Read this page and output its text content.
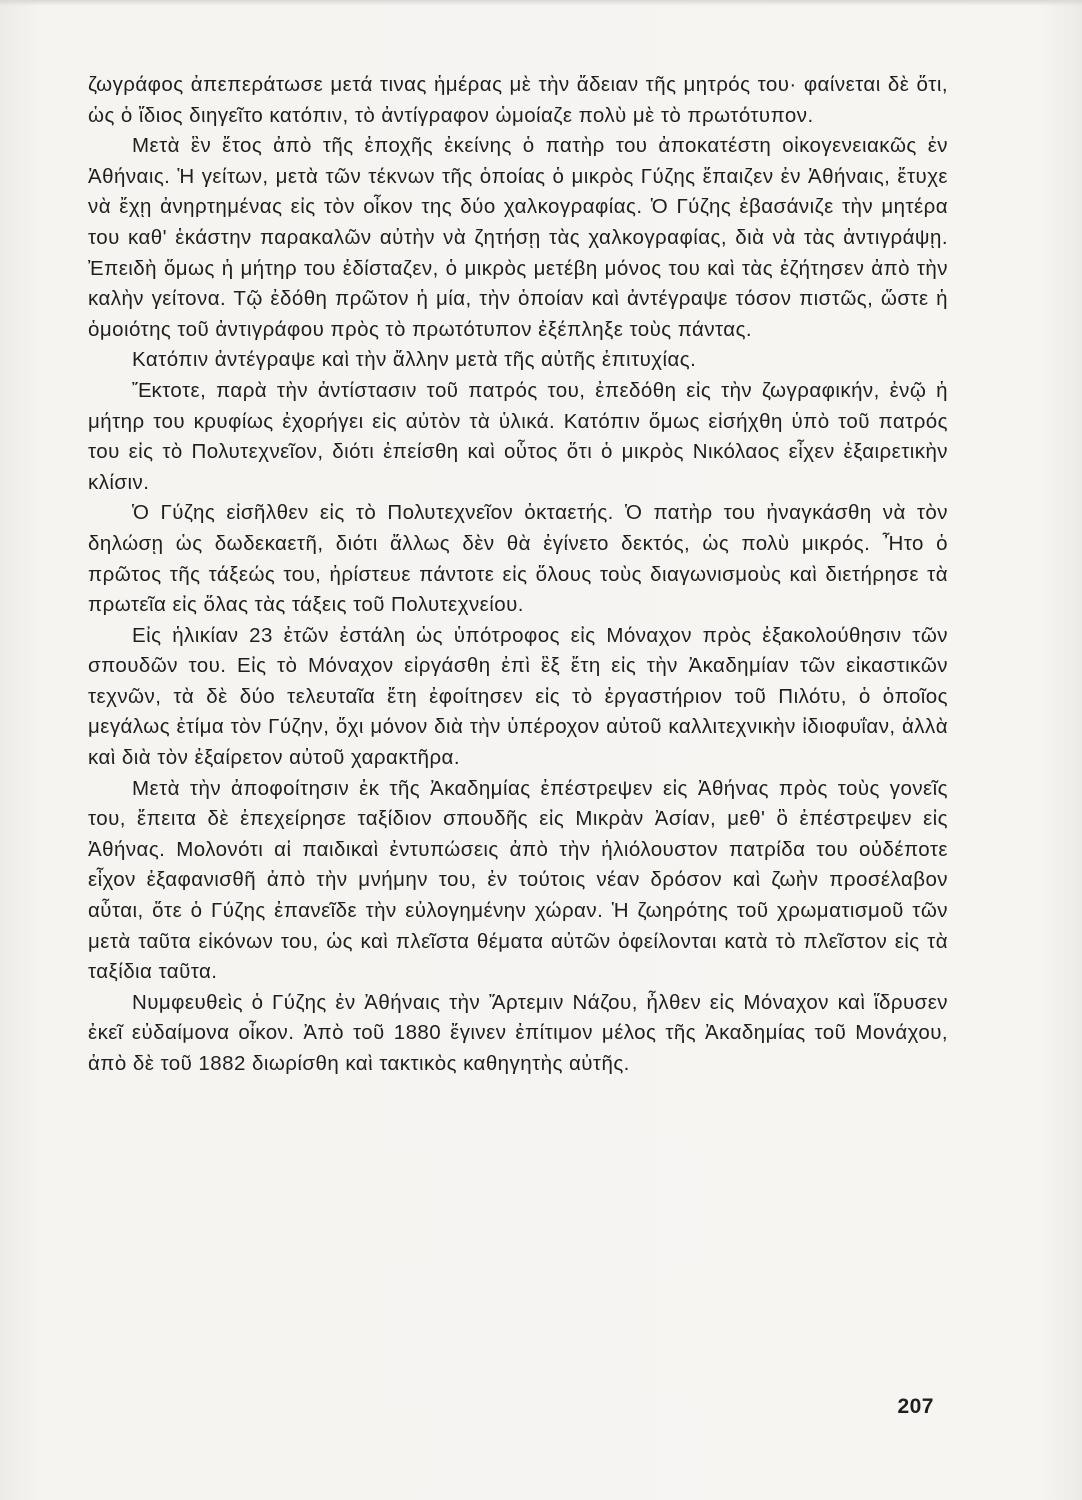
ζωγράφος ἀπεπεράτωσε μετά τινας ἡμέρας μὲ τὴν ἄδειαν τῆς μητρός του· φαίνεται δὲ ὅτι, ὡς ὁ ἴδιος διηγεῖτο κατόπιν, τὸ ἀντίγραφον ὡμοίαζε πολὺ μὲ τὸ πρωτότυπον.

Μετὰ ἓν ἔτος ἀπὸ τῆς ἐποχῆς ἐκείνης ὁ πατὴρ του ἀποκατέστη οἰκογενειακῶς ἐν Ἀθήναις. Ἡ γείτων, μετὰ τῶν τέκνων τῆς ὁποίας ὁ μικρὸς Γύζης ἔπαιζεν ἐν Ἀθήναις, ἔτυχε νὰ ἔχῃ ἀνηρτημένας εἰς τὸν οἶκον της δύο χαλκογραφίας. Ὁ Γύζης ἐβασάνιζε τὴν μητέρα του καθ' ἑκάστην παρακαλῶν αὐτὴν νὰ ζητήσῃ τὰς χαλκογραφίας, διὰ νὰ τὰς ἀντιγράψῃ. Ἐπειδὴ ὅμως ἡ μήτηρ του ἐδίσταζεν, ὁ μικρὸς μετέβη μόνος του καὶ τὰς ἐζήτησεν ἀπὸ τὴν καλὴν γείτονα. Τῷ ἐδόθη πρῶτον ἡ μία, τὴν ὁποίαν καὶ ἀντέγραψε τόσον πιστῶς, ὥστε ἡ ὁμοιότης τοῦ ἀντιγράφου πρὸς τὸ πρωτότυπον ἐξέπληξε τοὺς πάντας.

Κατόπιν ἀντέγραψε καὶ τὴν ἄλλην μετὰ τῆς αὐτῆς ἐπιτυχίας.

Ἔκτοτε, παρὰ τὴν ἀντίστασιν τοῦ πατρός του, ἐπεδόθη εἰς τὴν ζωγραφικήν, ἐνῷ ἡ μήτηρ του κρυφίως ἐχορήγει εἰς αὐτὸν τὰ ὑλικά. Κατόπιν ὅμως εἰσήχθη ὑπὸ τοῦ πατρός του εἰς τὸ Πολυτεχνεῖον, διότι ἐπείσθη καὶ οὗτος ὅτι ὁ μικρὸς Νικόλαος εἶχεν ἐξαιρετικὴν κλίσιν.

Ὁ Γύζης εἰσῆλθεν εἰς τὸ Πολυτεχνεῖον ὀκταετής. Ὁ πατὴρ του ἠναγκάσθη νὰ τὸν δηλώσῃ ὡς δωδεκαετῆ, διότι ἄλλως δὲν θὰ ἐγίνετο δεκτός, ὡς πολὺ μικρός. Ἦτο ὁ πρῶτος τῆς τάξεώς του, ἠρίστευε πάντοτε εἰς ὅλους τοὺς διαγωνισμοὺς καὶ διετήρησε τὰ πρωτεῖα εἰς ὅλας τὰς τάξεις τοῦ Πολυτεχνείου.

Εἰς ἡλικίαν 23 ἐτῶν ἐστάλη ὡς ὑπότροφος εἰς Μόναχον πρὸς ἐξακολούθησιν τῶν σπουδῶν του. Εἰς τὸ Μόναχον εἰργάσθη ἐπὶ ἓξ ἔτη εἰς τὴν Ἀκαδημίαν τῶν εἰκαστικῶν τεχνῶν, τὰ δὲ δύο τελευταῖα ἔτη ἐφοίτησεν εἰς τὸ ἐργαστήριον τοῦ Πιλότυ, ὁ ὁποῖος μεγάλως ἐτίμα τὸν Γύζην, ὄχι μόνον διὰ τὴν ὑπέροχον αὐτοῦ καλλιτεχνικὴν ἰδιοφυΐαν, ἀλλὰ καὶ διὰ τὸν ἐξαίρετον αὐτοῦ χαρακτῆρα.

Μετὰ τὴν ἀποφοίτησιν ἐκ τῆς Ἀκαδημίας ἐπέστρεψεν εἰς Ἀθήνας πρὸς τοὺς γονεῖς του, ἔπειτα δὲ ἐπεχείρησε ταξίδιον σπουδῆς εἰς Μικρὰν Ἀσίαν, μεθ' ὃ ἐπέστρεψεν εἰς Ἀθήνας. Μολονότι αἱ παιδικαὶ ἐντυπώσεις ἀπὸ τὴν ἡλιόλουστον πατρίδα του οὐδέποτε εἶχον ἐξαφανισθῆ ἀπὸ τὴν μνήμην του, ἐν τούτοις νέαν δρόσον καὶ ζωὴν προσέλαβον αὗται, ὅτε ὁ Γύζης ἐπανεῖδε τὴν εὐλογημένην χώραν. Ἡ ζωηρότης τοῦ χρωματισμοῦ τῶν μετὰ ταῦτα εἰκόνων του, ὡς καὶ πλεῖστα θέματα αὐτῶν ὀφείλονται κατὰ τὸ πλεῖστον εἰς τὰ ταξίδια ταῦτα.

Νυμφευθεὶς ὁ Γύζης ἐν Ἀθήναις τὴν Ἄρτεμιν Νάζου, ἦλθεν εἰς Μόναχον καὶ ἵδρυσεν ἐκεῖ εὐδαίμονα οἶκον. Ἀπὸ τοῦ 1880 ἔγινεν ἐπίτιμον μέλος τῆς Ἀκαδημίας τοῦ Μονάχου, ἀπὸ δὲ τοῦ 1882 διωρίσθη καὶ τακτικὸς καθηγητὴς αὐτῆς.

207
